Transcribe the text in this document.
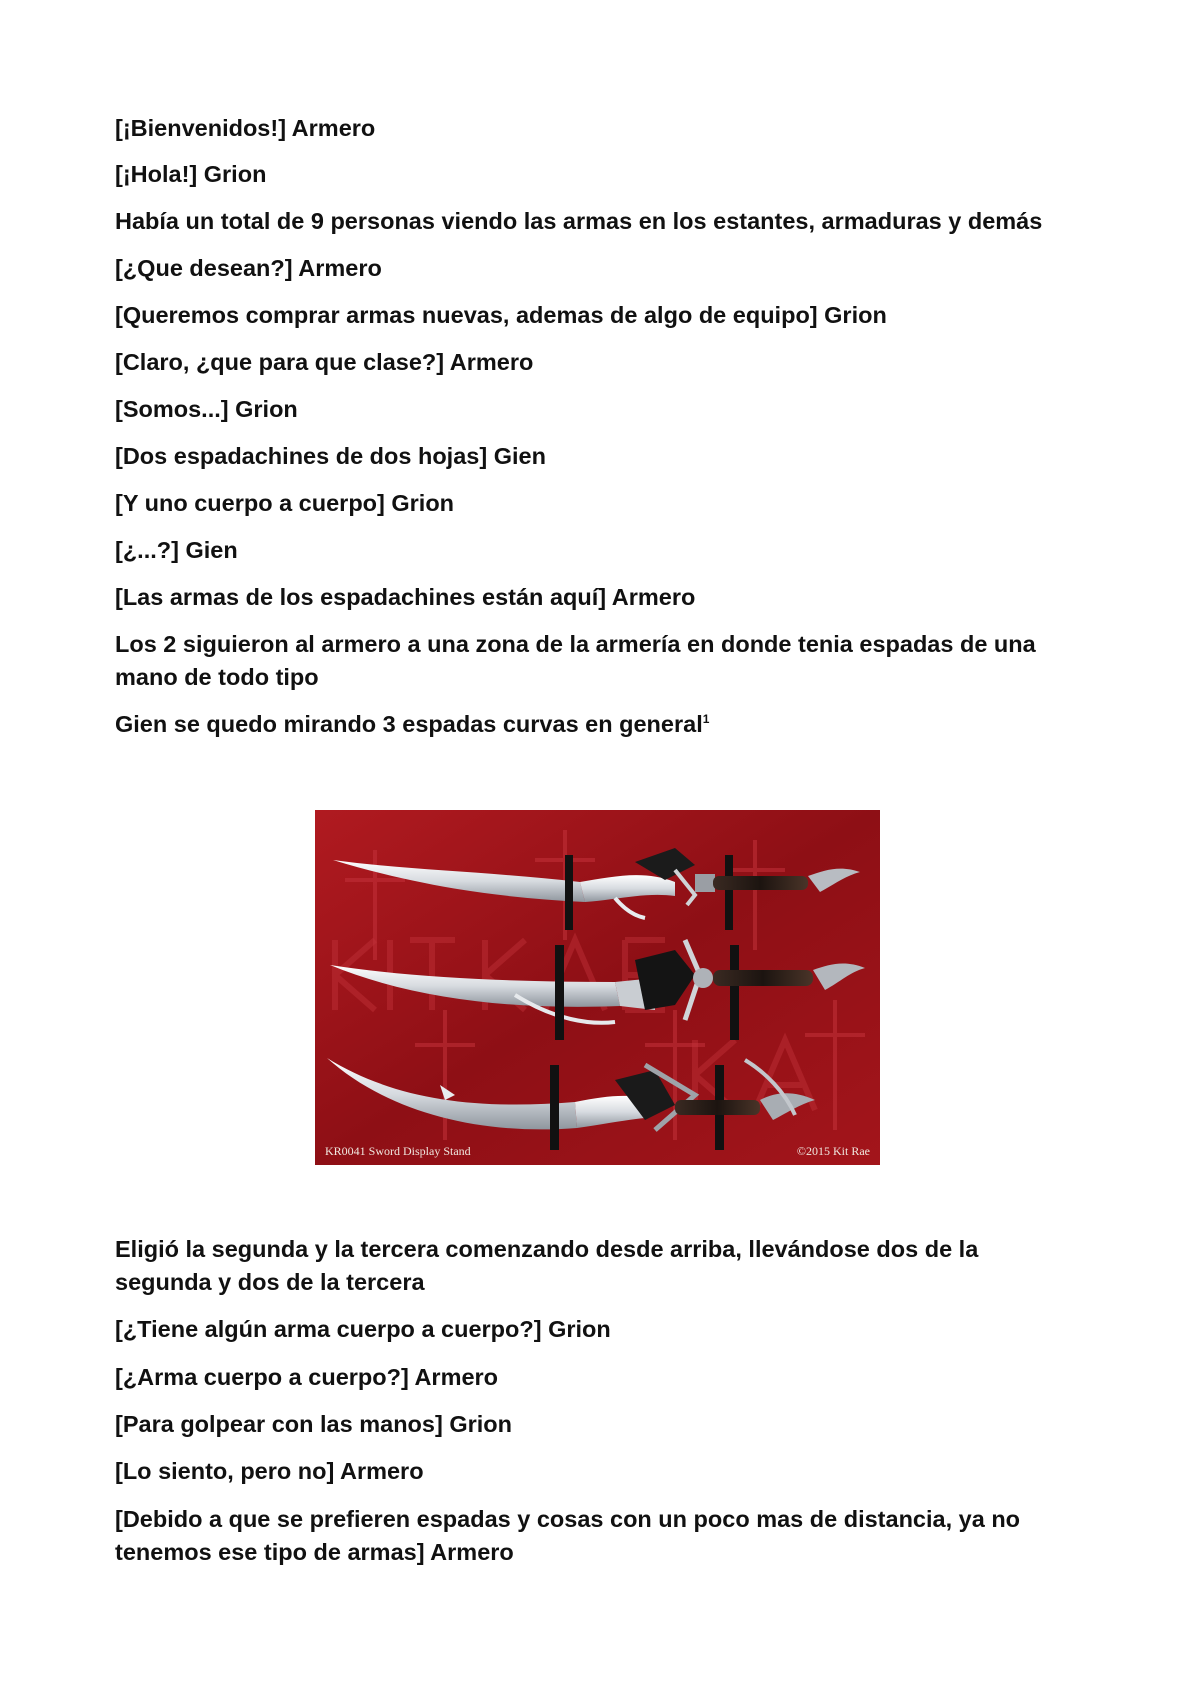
[¡Bienvenidos!] Armero

[¡Hola!] Grion

Había un total de 9 personas viendo las armas en los estantes, armaduras y demás

[¿Que desean?] Armero

[Queremos comprar armas nuevas, ademas de algo de equipo] Grion

[Claro, ¿que para que clase?] Armero

[Somos...] Grion

[Dos espadachines de dos hojas] Gien

[Y uno cuerpo a cuerpo] Grion

[¿...?] Gien

[Las armas de los espadachines están aquí] Armero

Los 2 siguieron al armero a una zona de la armería en donde tenia espadas de una mano de todo tipo

Gien se quedo mirando 3 espadas curvas en general$^1$

KR0041 Sword Display Stand	©2015 Kit Rae

Eligió la segunda y la tercera comenzando desde arriba, llevándose dos de la segunda y dos de la tercera

[¿Tiene algún arma cuerpo a cuerpo?] Grion

[¿Arma cuerpo a cuerpo?] Armero

[Para golpear con las manos] Grion

[Lo siento, pero no] Armero

[Debido a que se prefieren espadas y cosas con un poco mas de distancia, ya no tenemos ese tipo de armas] Armero
